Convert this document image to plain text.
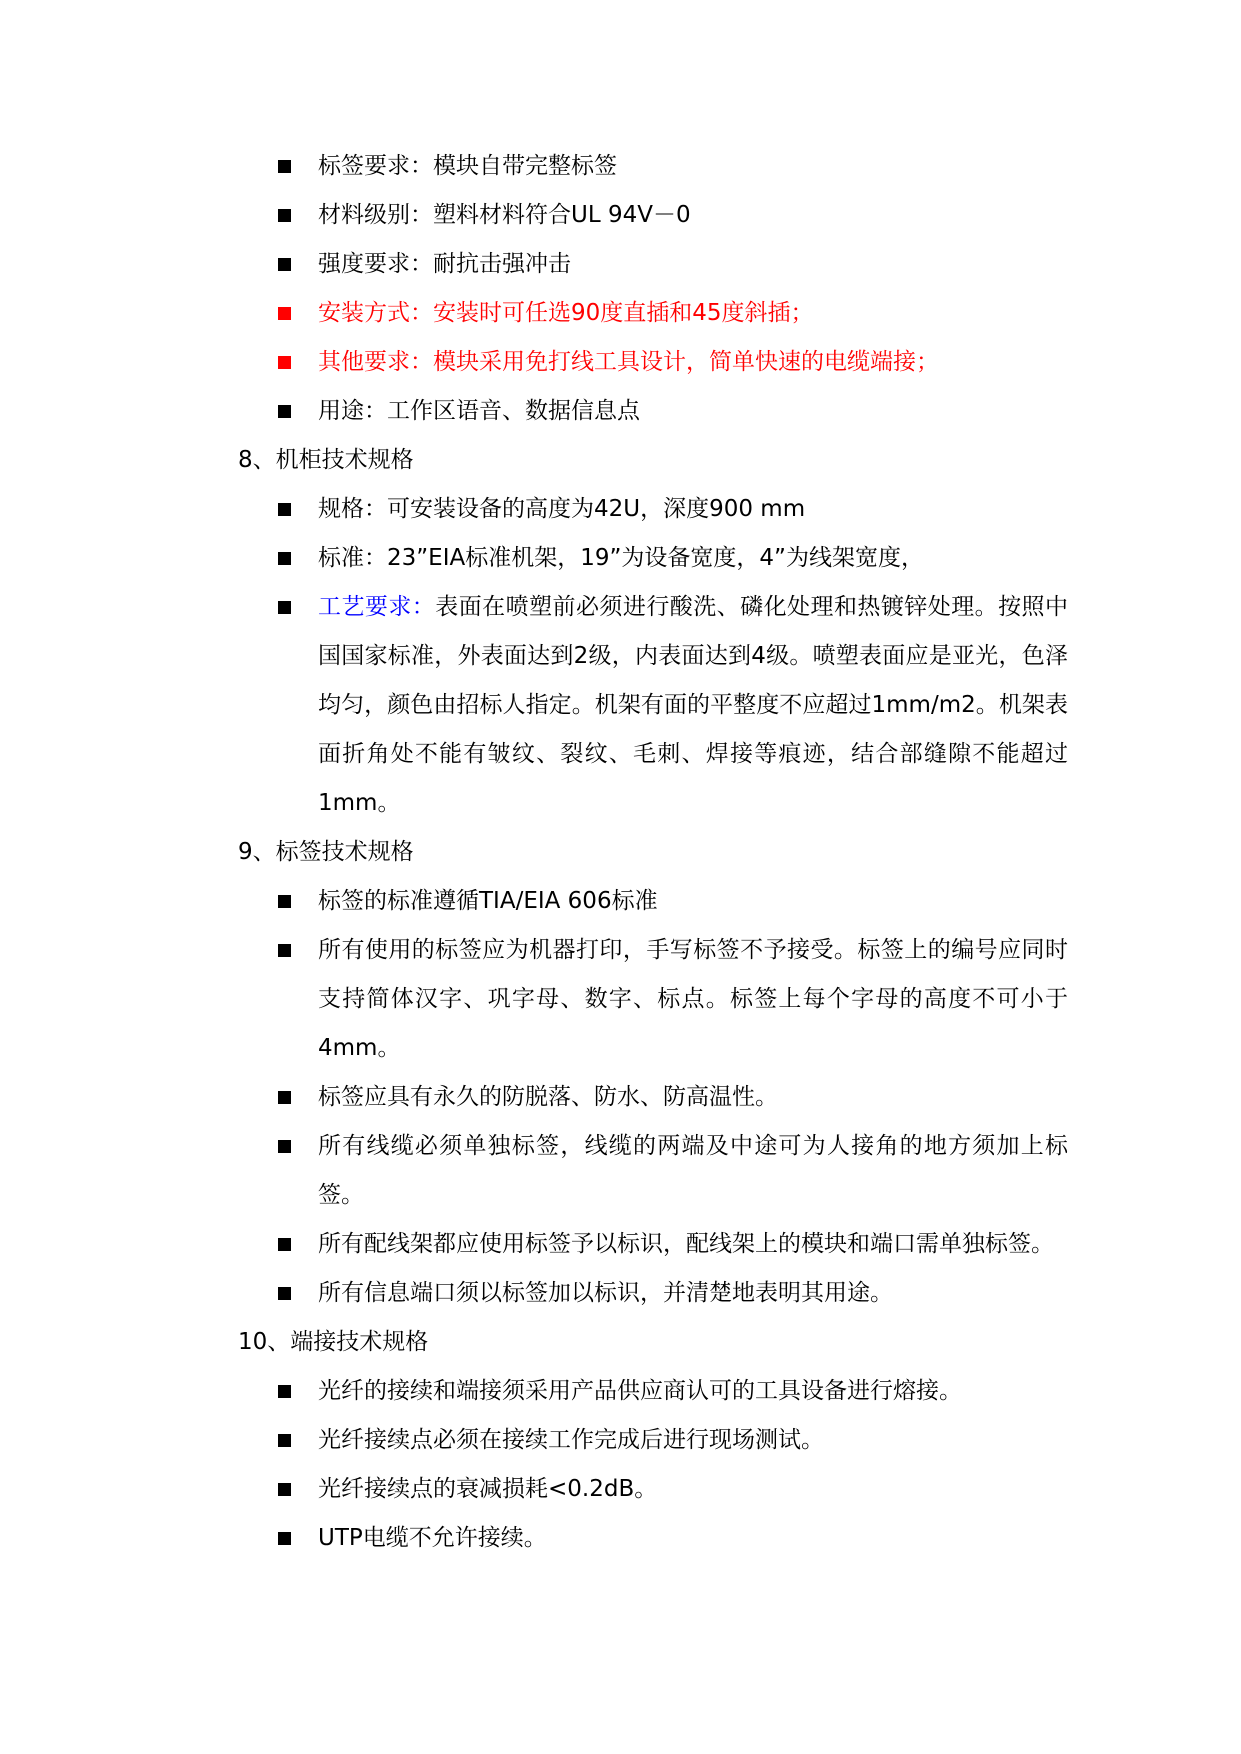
标签要求：模块自带完整标签
材料级别：塑料材料符合UL 94V－0
强度要求：耐抗击强冲击
安装方式：安装时可任选90度直插和45度斜插；
其他要求：模块采用免打线工具设计，简单快速的电缆端接；
用途：工作区语音、数据信息点
8、机柜技术规格
规格：可安装设备的高度为42U，深度900 mm
标准：23”EIA标准机架，19”为设备宽度，4”为线架宽度，
工艺要求：表面在喷塑前必须进行酸洗、磷化处理和热镀锌处理。按照中国国家标准，外表面达到2级，内表面达到4级。喷塑表面应是亚光，色泽均匀，颜色由招标人指定。机架有面的平整度不应超过1mm/m2。机架表面折角处不能有皱纹、裂纹、毛刺、焊接等痕迹，结合部缝隙不能超过1mm。
9、标签技术规格
标签的标准遵循TIA/EIA 606标准
所有使用的标签应为机器打印，手写标签不予接受。标签上的编号应同时支持简体汉字、巩字母、数字、标点。标签上每个字母的高度不可小于4mm。
标签应具有永久的防脱落、防水、防高温性。
所有线缆必须单独标签，线缆的两端及中途可为人接角的地方须加上标签。
所有配线架都应使用标签予以标识，配线架上的模块和端口需单独标签。
所有信息端口须以标签加以标识，并清楚地表明其用途。
10、端接技术规格
光纤的接续和端接须采用产品供应商认可的工具设备进行熔接。
光纤接续点必须在接续工作完成后进行现场测试。
光纤接续点的衰减损耗<0.2dB。
UTP电缆不允许接续。
